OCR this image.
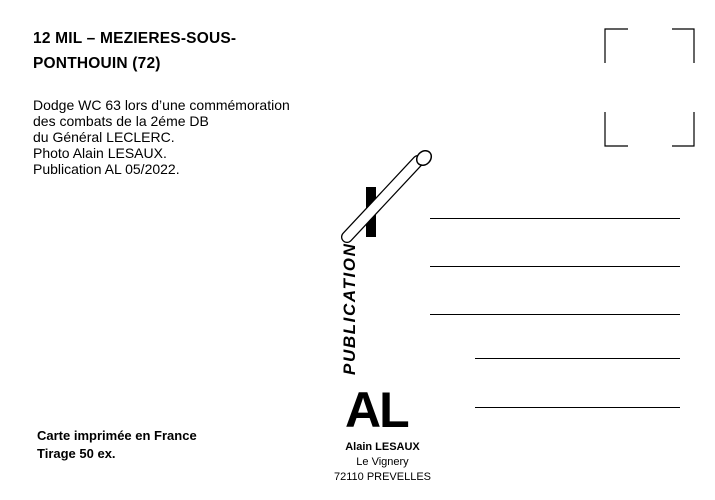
12 MIL – MEZIERES-SOUS-
PONTHOUIN (72)
Dodge WC 63 lors d’une commémoration
des combats de la 2éme DB
du Général LECLERC.
Photo Alain LESAUX.
Publication AL 05/2022.
PUBLICATION
AL
Alain LESAUX
Le Vignery
72110 PREVELLES
Carte imprimée en France
Tirage 50 ex.
